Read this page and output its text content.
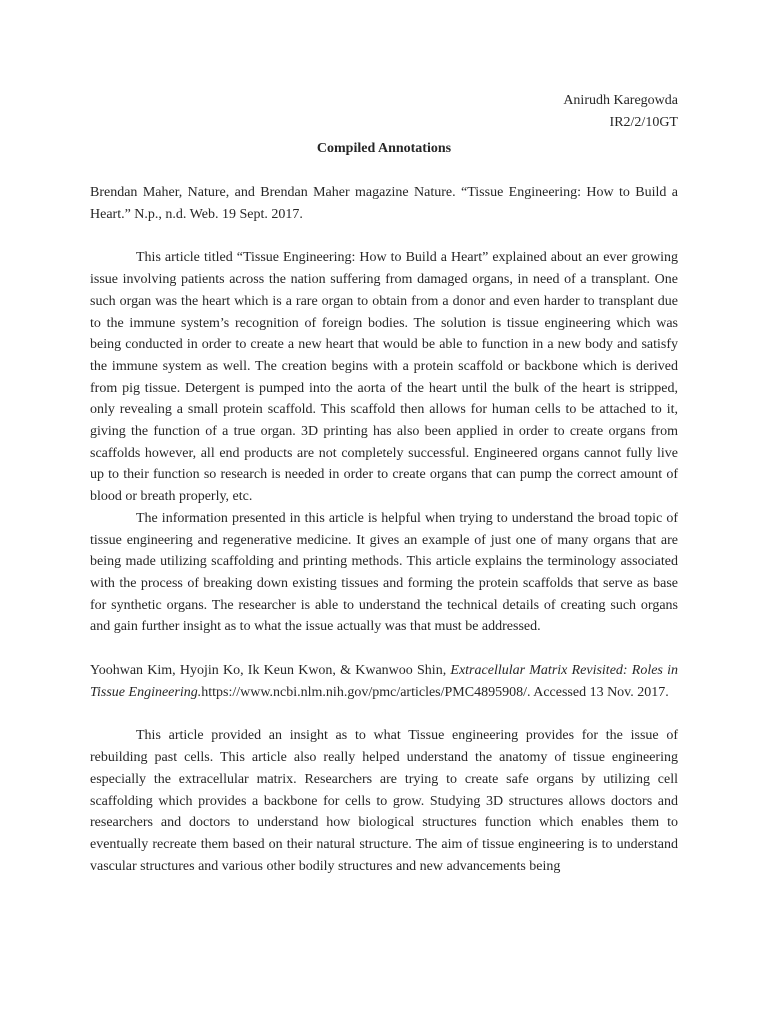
Anirudh Karegowda
IR2/2/10GT
Compiled Annotations

Brendan Maher, Nature, and Brendan Maher magazine Nature. “Tissue Engineering: How to Build a Heart.” N.p., n.d. Web. 19 Sept. 2017.

This article titled “Tissue Engineering: How to Build a Heart” explained about an ever growing issue involving patients across the nation suffering from damaged organs, in need of a transplant. One such organ was the heart which is a rare organ to obtain from a donor and even harder to transplant due to the immune system’s recognition of foreign bodies. The solution is tissue engineering which was being conducted in order to create a new heart that would be able to function in a new body and satisfy the immune system as well. The creation begins with a protein scaffold or backbone which is derived from pig tissue. Detergent is pumped into the aorta of the heart until the bulk of the heart is stripped, only revealing a small protein scaffold. This scaffold then allows for human cells to be attached to it, giving the function of a true organ. 3D printing has also been applied in order to create organs from scaffolds however, all end products are not completely successful. Engineered organs cannot fully live up to their function so research is needed in order to create organs that can pump the correct amount of blood or breath properly, etc.

The information presented in this article is helpful when trying to understand the broad topic of tissue engineering and regenerative medicine. It gives an example of just one of many organs that are being made utilizing scaffolding and printing methods. This article explains the terminology associated with the process of breaking down existing tissues and forming the protein scaffolds that serve as base for synthetic organs. The researcher is able to understand the technical details of creating such organs and gain further insight as to what the issue actually was that must be addressed.

Yoohwan Kim, Hyojin Ko, Ik Keun Kwon, & Kwanwoo Shin, Extracellular Matrix Revisited: Roles in Tissue Engineering.https://www.ncbi.nlm.nih.gov/pmc/articles/PMC4895908/. Accessed 13 Nov. 2017.

This article provided an insight as to what Tissue engineering provides for the issue of rebuilding past cells. This article also really helped understand the anatomy of tissue engineering especially the extracellular matrix. Researchers are trying to create safe organs by utilizing cell scaffolding which provides a backbone for cells to grow. Studying 3D structures allows doctors and researchers and doctors to understand how biological structures function which enables them to eventually recreate them based on their natural structure. The aim of tissue engineering is to understand vascular structures and various other bodily structures and new advancements being
